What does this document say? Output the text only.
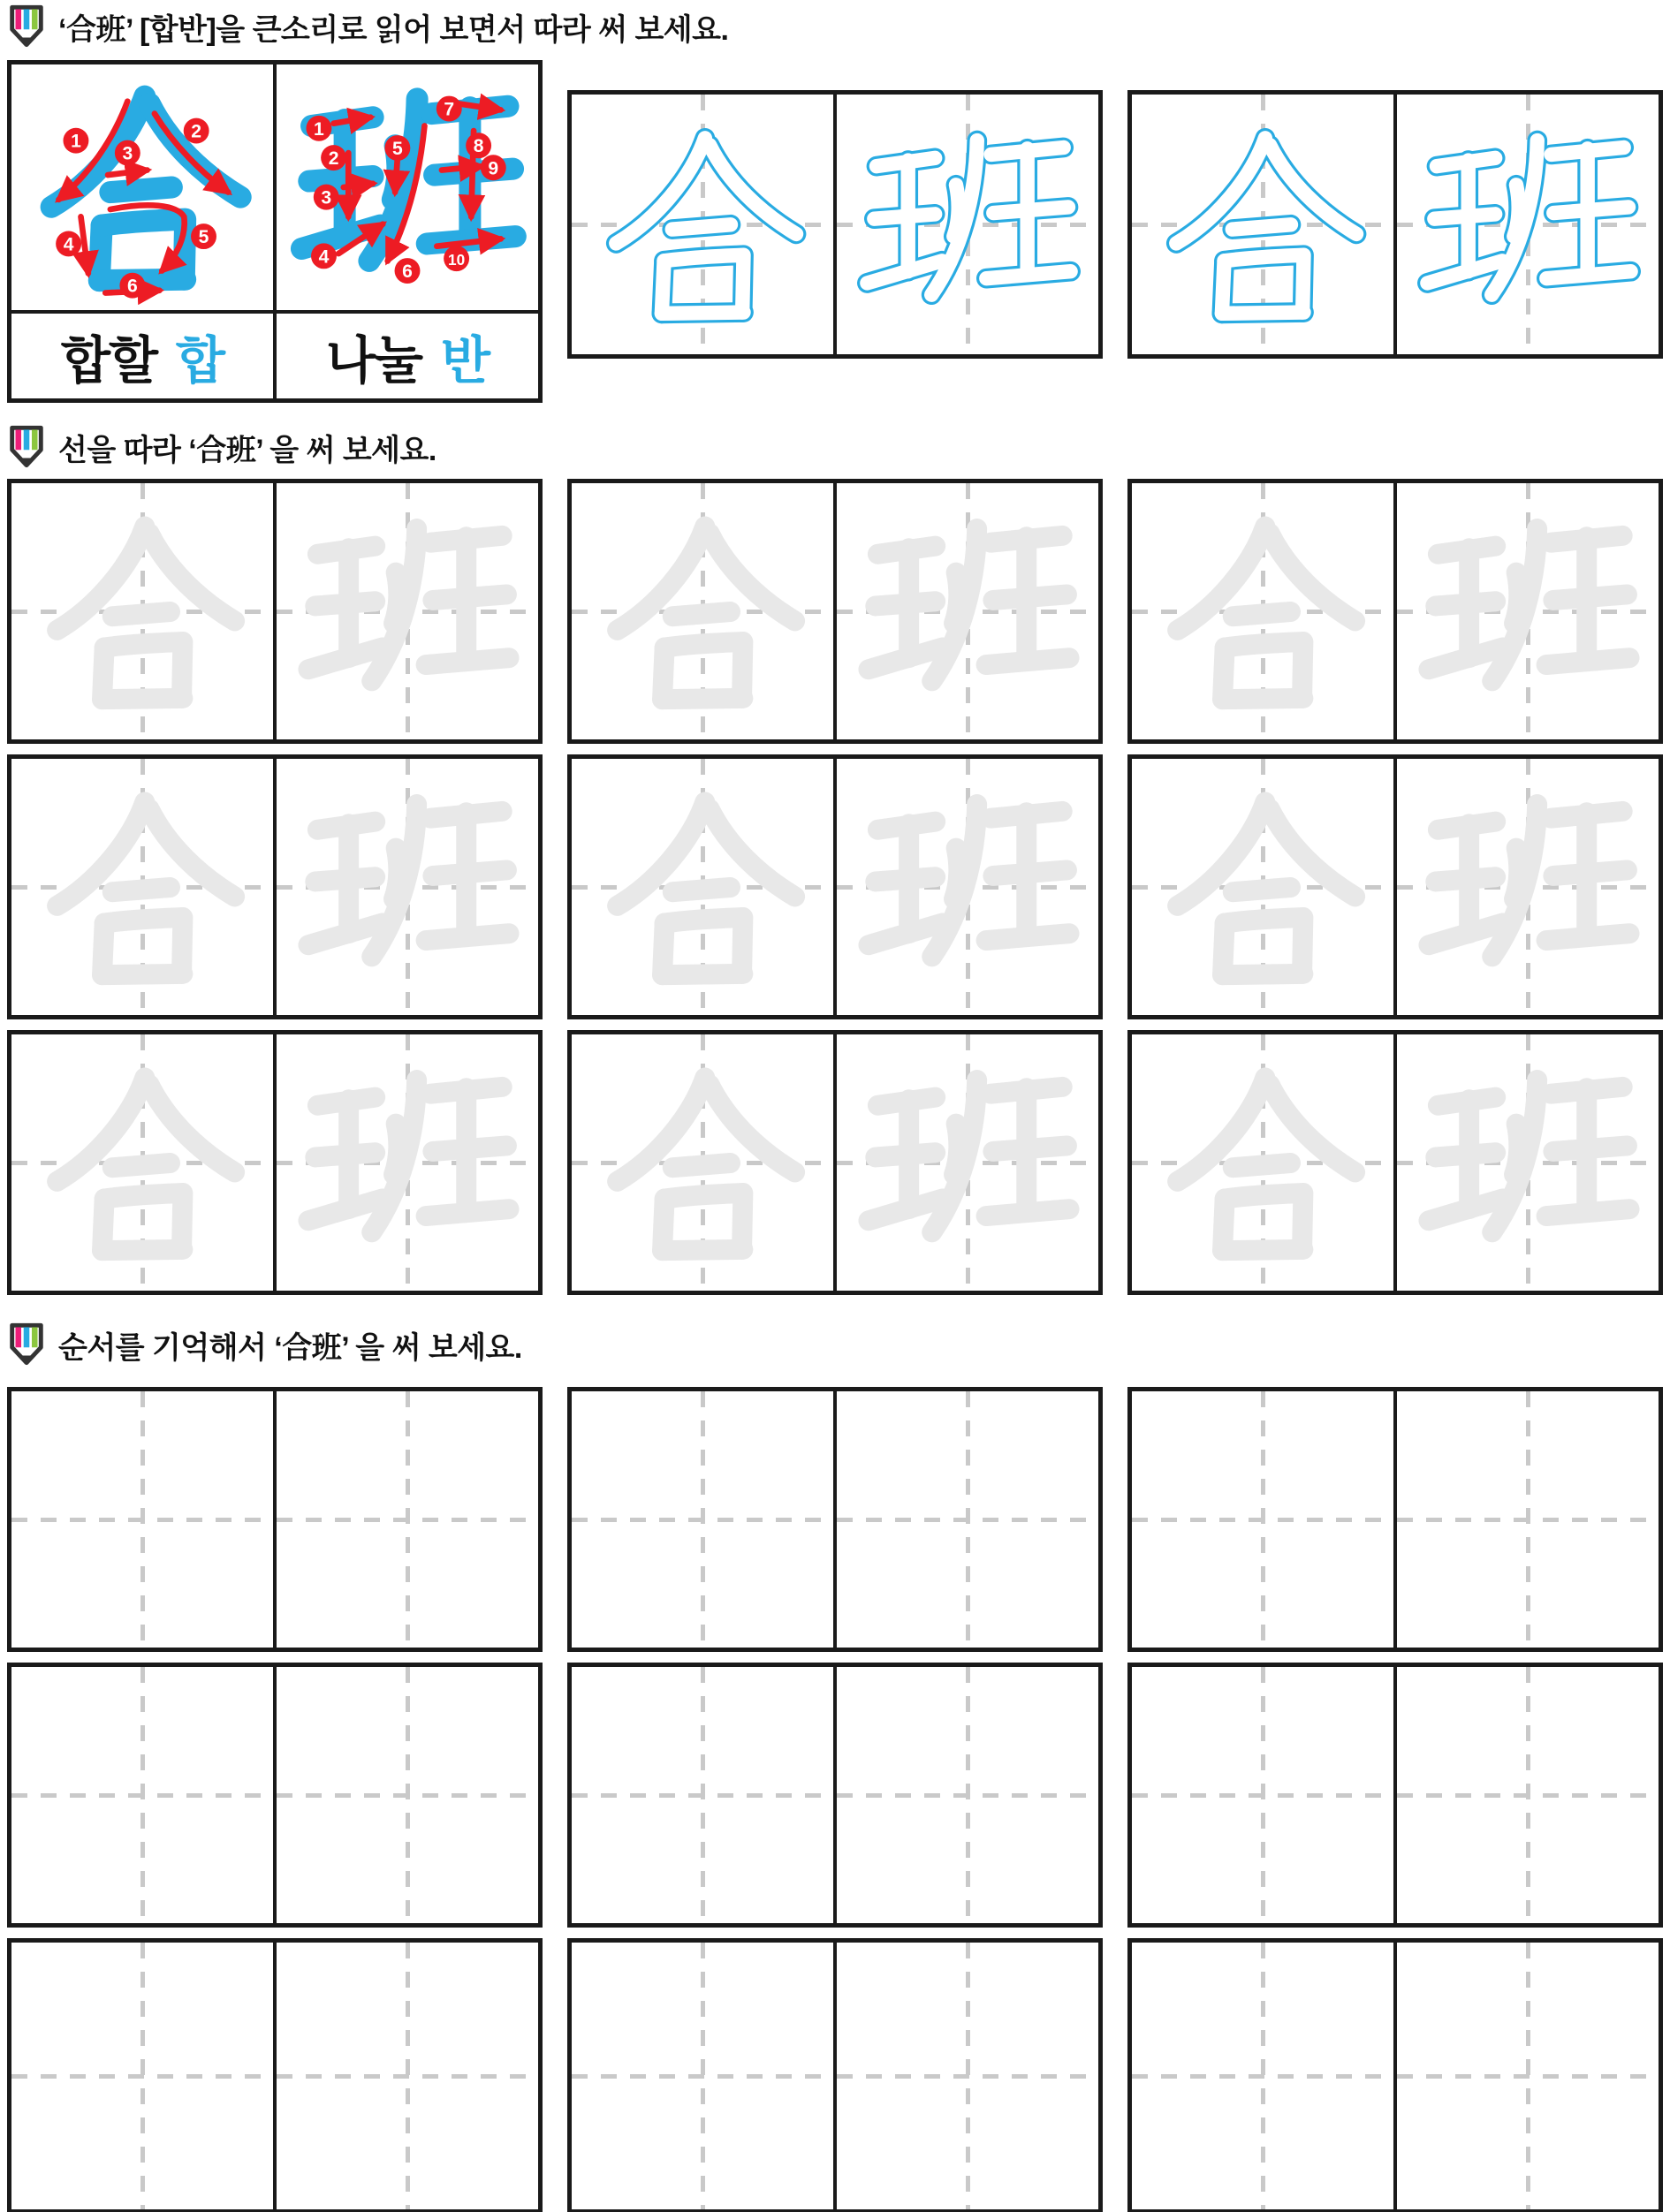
‘合班’ [합반]을 큰소리로 읽어 보면서 따라 써 보세요.
1	2
3
4	5
6
1
2
3
4
5
6
7
8
9
10
합할 합 나눌 반
선을 따라 ‘合班’ 을 써 보세요.
순서를 기억해서 ‘合班’ 을 써 보세요.
